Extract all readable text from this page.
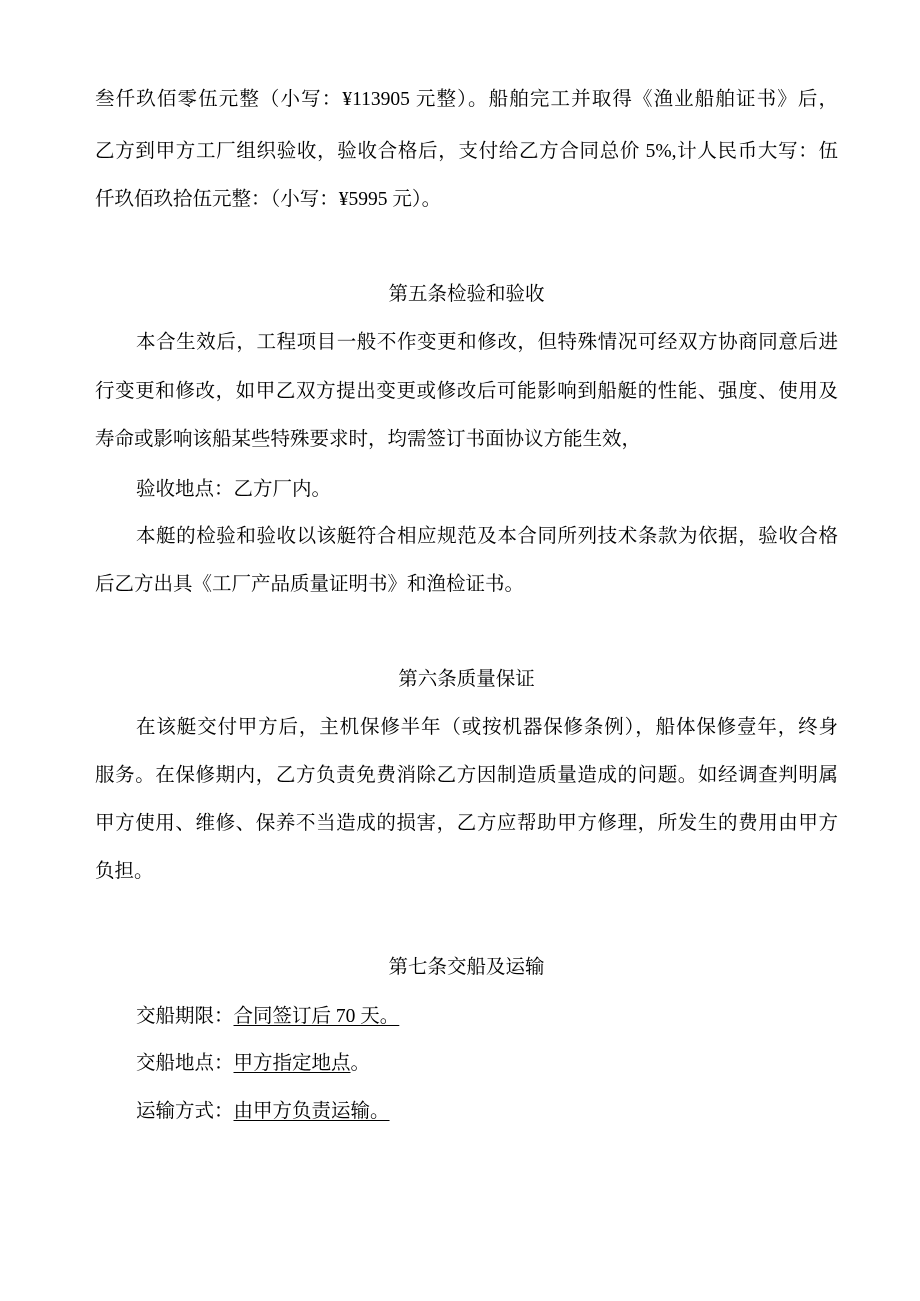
叁仟玖佰零伍元整（小写：¥113905 元整）。船舶完工并取得《渔业船舶证书》后，
乙方到甲方工厂组织验收，验收合格后，支付给乙方合同总价 5%,计人民币大写：伍
仟玖佰玖拾伍元整：（小写：¥5995 元）。
第五条检验和验收
本合生效后，工程项目一般不作变更和修改，但特殊情况可经双方协商同意后进
行变更和修改，如甲乙双方提出变更或修改后可能影响到船艇的性能、强度、使用及
寿命或影响该船某些特殊要求时，均需签订书面协议方能生效，
验收地点：乙方厂内。
本艇的检验和验收以该艇符合相应规范及本合同所列技术条款为依据，验收合格
后乙方出具《工厂产品质量证明书》和渔检证书。
第六条质量保证
在该艇交付甲方后，主机保修半年（或按机器保修条例），船体保修壹年，终身
服务。在保修期内，乙方负责免费消除乙方因制造质量造成的问题。如经调查判明属
甲方使用、维修、保养不当造成的损害，乙方应帮助甲方修理，所发生的费用由甲方
负担。
第七条交船及运输
交船期限：合同签订后 70 天。
交船地点：甲方指定地点。
运输方式：由甲方负责运输。
